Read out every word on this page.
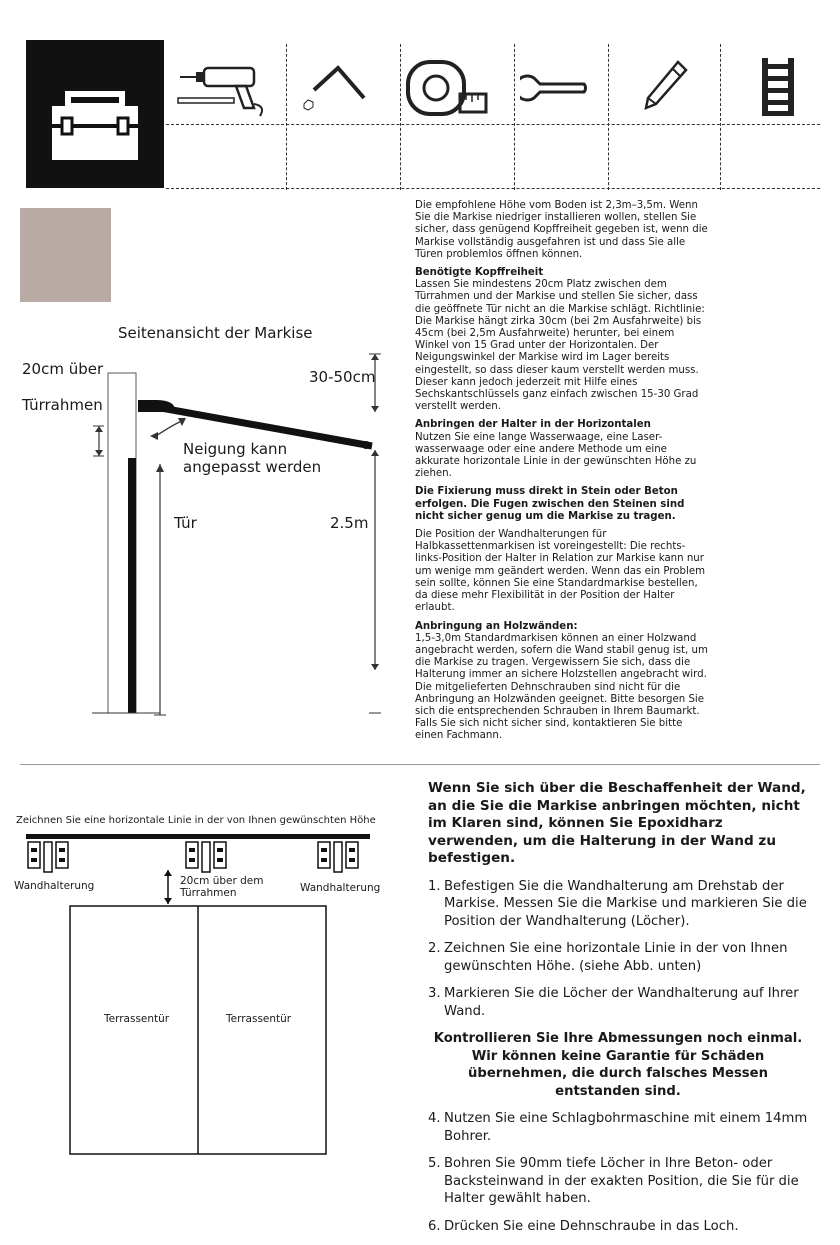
Seitenansicht der Markise
20cm über
Türrahmen
30-50cm
Neigung kann
angepasst werden
Tür	2.5m

Die empfohlene Höhe vom Boden ist 2,3m–3,5m. Wenn Sie die Markise niedriger installieren wollen, stellen Sie sicher, dass genügend Kopffreiheit gegeben ist, wenn die Markise vollständig ausgefahren ist und dass Sie alle Türen problemlos öffnen können.

Benötigte Kopffreiheit
Lassen Sie mindestens 20cm Platz zwischen dem Türrahmen und der Markise und stellen Sie sicher, dass die geöffnete Tür nicht an die Markise schlägt. Richtlinie: Die Markise hängt zirka 30cm (bei 2m Ausfahrweite) bis 45cm (bei 2,5m Ausfahrweite) herunter, bei einem Winkel von 15 Grad unter der Horizontalen. Der Neigungswinkel der Markise wird im Lager bereits eingestellt, so dass dieser kaum verstellt werden muss. Dieser kann jedoch jederzeit mit Hilfe eines Sechskantschlüssels ganz einfach zwischen 15-30 Grad verstellt werden.

Anbringen der Halter in der Horizontalen
Nutzen Sie eine lange Wasserwaage, eine Laser-wasserwaage oder eine andere Methode um eine akkurate horizontale Linie in der gewünschten Höhe zu ziehen.

Die Fixierung muss direkt in Stein oder Beton erfolgen. Die Fugen zwischen den Steinen sind nicht sicher genug um die Markise zu tragen.

Die Position der Wandhalterungen für Halbkassettenmarkisen ist voreingestellt: Die rechts-links-Position der Halter in Relation zur Markise kann nur um wenige mm geändert werden. Wenn das ein Problem sein sollte, können Sie eine Standardmarkise bestellen, da diese mehr Flexibilität in der Position der Halter erlaubt.

Anbringung an Holzwänden:
1,5-3,0m Standardmarkisen können an einer Holzwand angebracht werden, sofern die Wand stabil genug ist, um die Markise zu tragen. Vergewissern Sie sich, dass die Halterung immer an sichere Holzstellen angebracht wird. Die mitgelieferten Dehnschrauben sind nicht für die Anbringung an Holzwänden geeignet. Bitte besorgen Sie sich die entsprechenden Schrauben in Ihrem Baumarkt. Falls Sie sich nicht sicher sind, kontaktieren Sie bitte einen Fachmann.

Zeichnen Sie eine horizontale Linie in der von Ihnen gewünschten Höhe
Wandhalterung	Wandhalterung
20cm über dem
Türrahmen
Terrassentür	Terrassentür
Wenn Sie sich über die Beschaffenheit der Wand, an die Sie die Markise anbringen möchten, nicht im Klaren sind, können Sie Epoxidharz verwenden, um die Halterung in der Wand zu befestigen.
1. Befestigen Sie die Wandhalterung am Drehstab der Markise. Messen Sie die Markise und markieren Sie die Position der Wandhalterung (Löcher).
2. Zeichnen Sie eine horizontale Linie in der von Ihnen gewünschten Höhe. (siehe Abb. unten)
3. Markieren Sie die Löcher der Wandhalterung auf Ihrer Wand.
Kontrollieren Sie Ihre Abmessungen noch einmal. Wir können keine Garantie für Schäden übernehmen, die durch falsches Messen entstanden sind.
4. Nutzen Sie eine Schlagbohrmaschine mit einem 14mm Bohrer.
5. Bohren Sie 90mm tiefe Löcher in Ihre Beton- oder Backsteinwand in der exakten Position, die Sie für die Halter gewählt haben.
6. Drücken Sie eine Dehnschraube in das Loch.
